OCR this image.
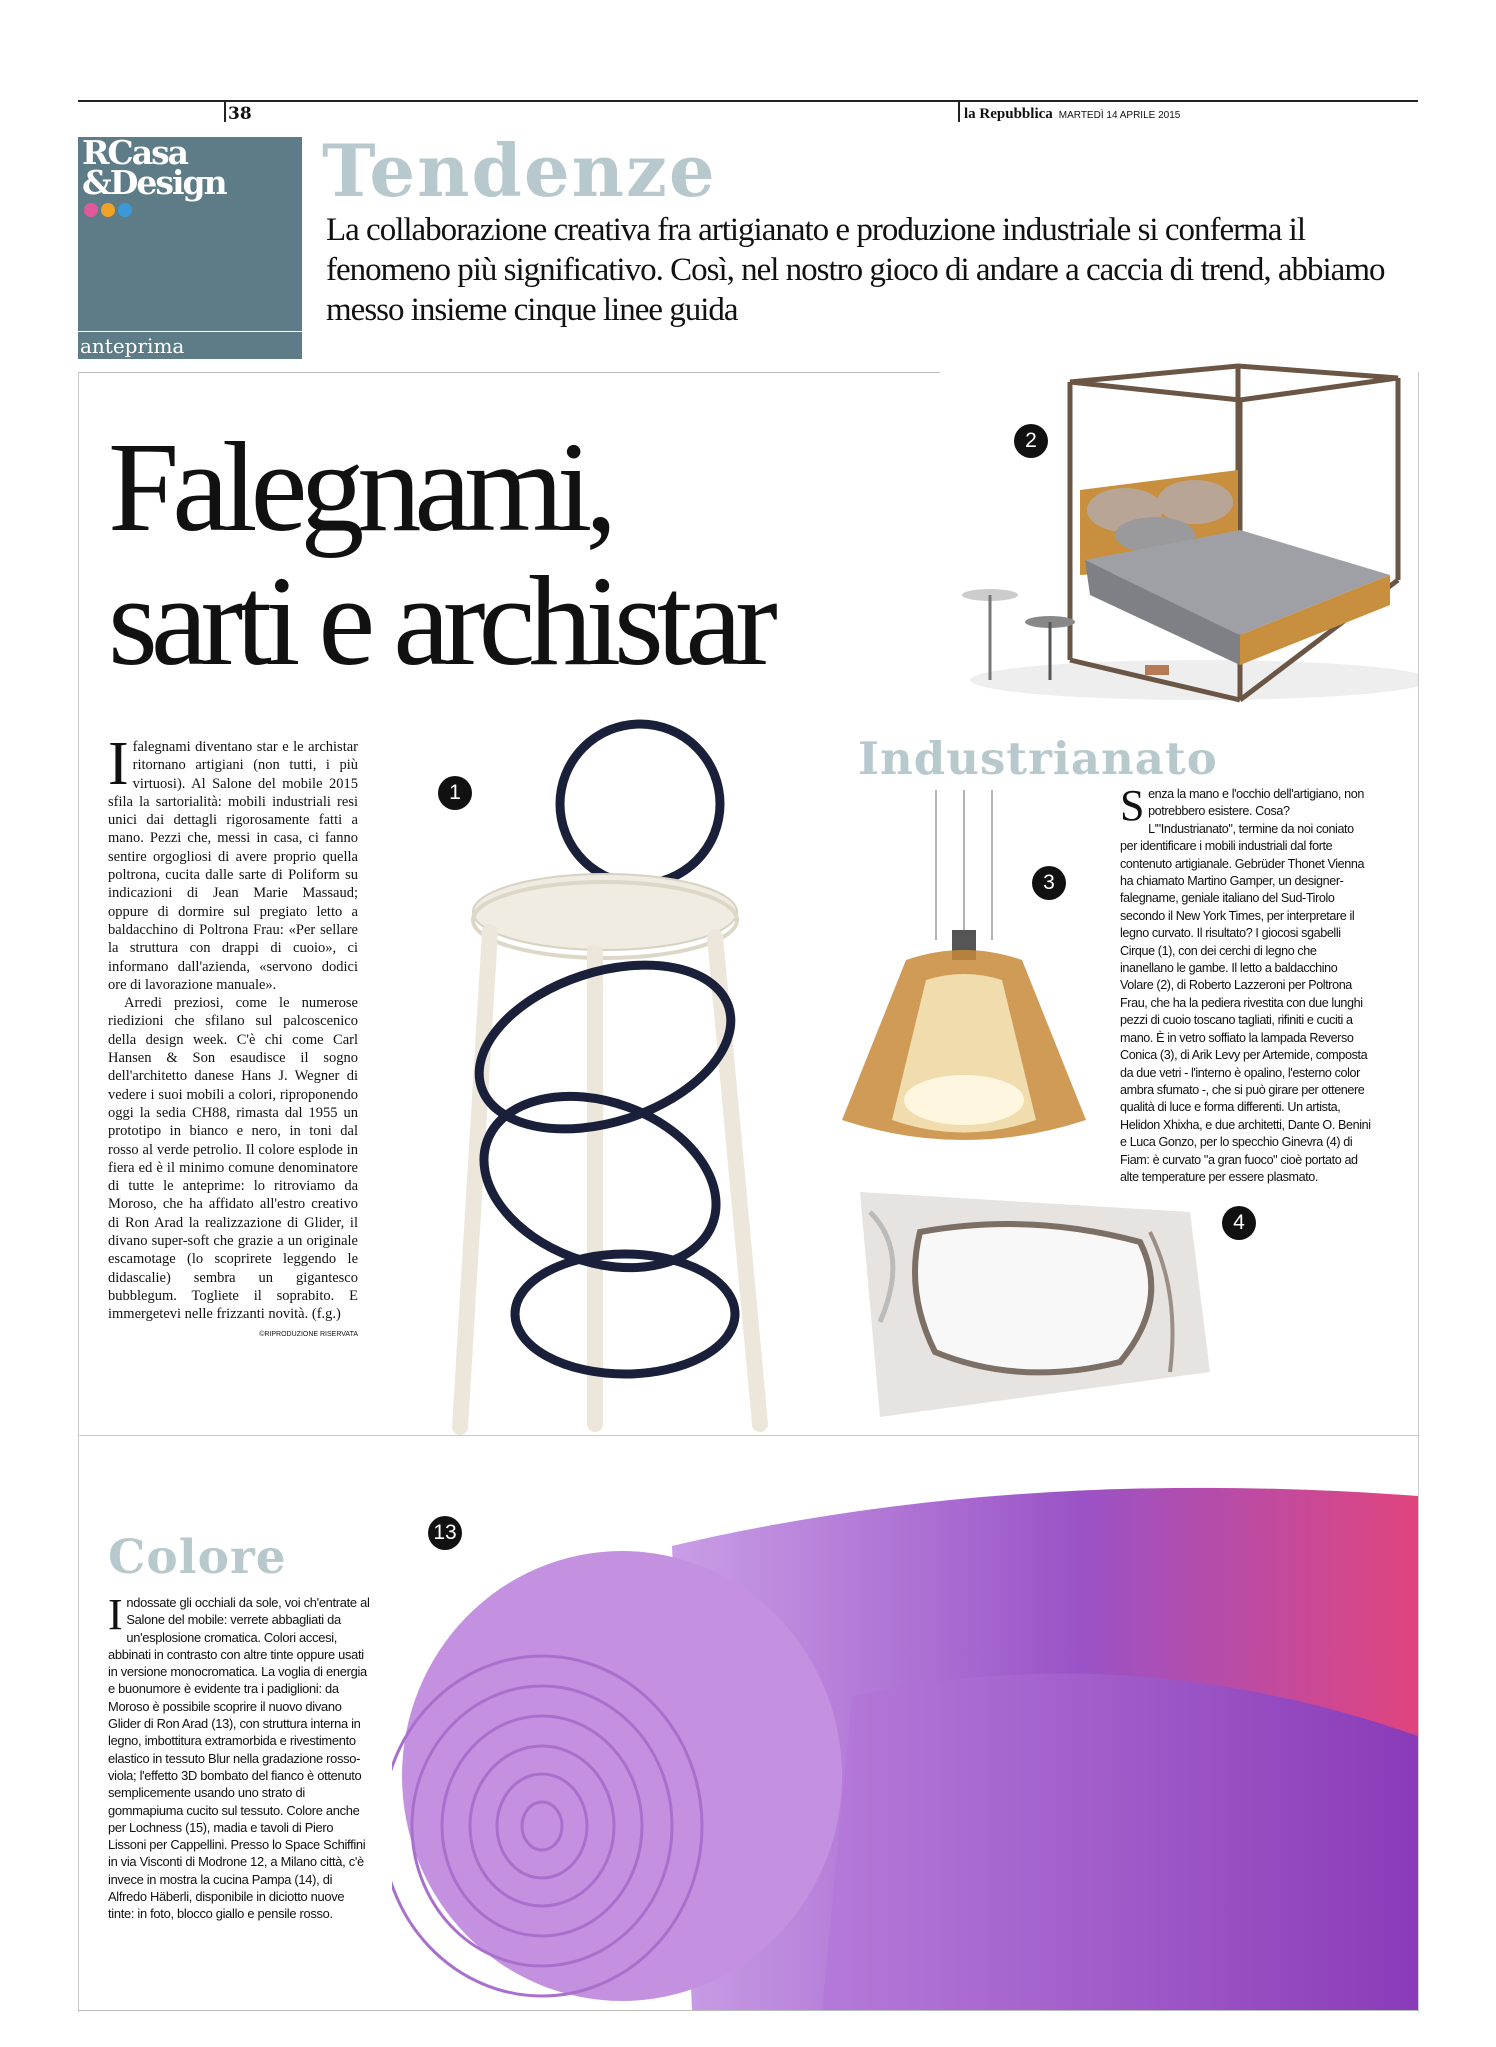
38	la Repubblica MARTEDÌ 14 APRILE 2015
RCasa
&Design
anteprima
Tendenze
La collaborazione creativa fra artigianato e produzione industriale si conferma il fenomeno più significativo. Così, nel nostro gioco di andare a caccia di trend, abbiamo messo insieme cinque linee guida
Falegnami,
sarti e archistar
2
1
3
4
13

Ifalegnami diventano star e le archistar ritornano artigiani (non tutti, i più virtuosi). Al Salone del mobile 2015 sfila la sartorialità: mobili industriali resi unici dai dettagli rigorosamente fatti a mano. Pezzi che, messi in casa, ci fanno sentire orgogliosi di avere proprio quella poltrona, cucita dalle sarte di Poliform su indicazioni di Jean Marie Massaud; oppure di dormire sul pregiato letto a baldacchino di Poltrona Frau: «Per sellare la struttura con drappi di cuoio», ci informano dall'azienda, «servono dodici ore di lavorazione manuale».

Arredi preziosi, come le numerose riedizioni che sfilano sul palcoscenico della design week. C'è chi come Carl Hansen & Son esaudisce il sogno dell'architetto danese Hans J. Wegner di vedere i suoi mobili a colori, riproponendo oggi la sedia CH88, rimasta dal 1955 un prototipo in bianco e nero, in toni dal rosso al verde petrolio. Il colore esplode in fiera ed è il minimo comune denominatore di tutte le anteprime: lo ritroviamo da Moroso, che ha affidato all'estro creativo di Ron Arad la realizzazione di Glider, il divano super-soft che grazie a un originale escamotage (lo scoprirete leggendo le didascalie) sembra un gigantesco bubblegum. Togliete il soprabito. E immergetevi nelle frizzanti novità. (f.g.)

©RIPRODUZIONE RISERVATA
Industrianato
Senza la mano e l'occhio dell'artigiano, non potrebbero esistere. Cosa? L'"Industrianato", termine da noi coniato per identificare i mobili industriali dal forte contenuto artigianale. Gebrüder Thonet Vienna ha chiamato Martino Gamper, un designer-falegname, geniale italiano del Sud-Tirolo secondo il New York Times, per interpretare il legno curvato. Il risultato? I giocosi sgabelli Cirque (1), con dei cerchi di legno che inanellano le gambe. Il letto a baldacchino Volare (2), di Roberto Lazzeroni per Poltrona Frau, che ha la pediera rivestita con due lunghi pezzi di cuoio toscano tagliati, rifiniti e cuciti a mano. È in vetro soffiato la lampada Reverso Conica (3), di Arik Levy per Artemide, composta da due vetri - l'interno è opalino, l'esterno color ambra sfumato -, che si può girare per ottenere qualità di luce e forma differenti. Un artista, Helidon Xhixha, e due architetti, Dante O. Benini e Luca Gonzo, per lo specchio Ginevra (4) di Fiam: è curvato "a gran fuoco" cioè portato ad alte temperature per essere plasmato.
Colore
Indossate gli occhiali da sole, voi ch'entrate al Salone del mobile: verrete abbagliati da un'esplosione cromatica. Colori accesi, abbinati in contrasto con altre tinte oppure usati in versione monocromatica. La voglia di energia e buonumore è evidente tra i padiglioni: da Moroso è possibile scoprire il nuovo divano Glider di Ron Arad (13), con struttura interna in legno, imbottitura extramorbida e rivestimento elastico in tessuto Blur nella gradazione rosso-viola; l'effetto 3D bombato del fianco è ottenuto semplicemente usando uno strato di gommapiuma cucito sul tessuto. Colore anche per Lochness (15), madia e tavoli di Piero Lissoni per Cappellini. Presso lo Space Schiffini in via Visconti di Modrone 12, a Milano città, c'è invece in mostra la cucina Pampa (14), di Alfredo Häberli, disponibile in diciotto nuove tinte: in foto, blocco giallo e pensile rosso.
